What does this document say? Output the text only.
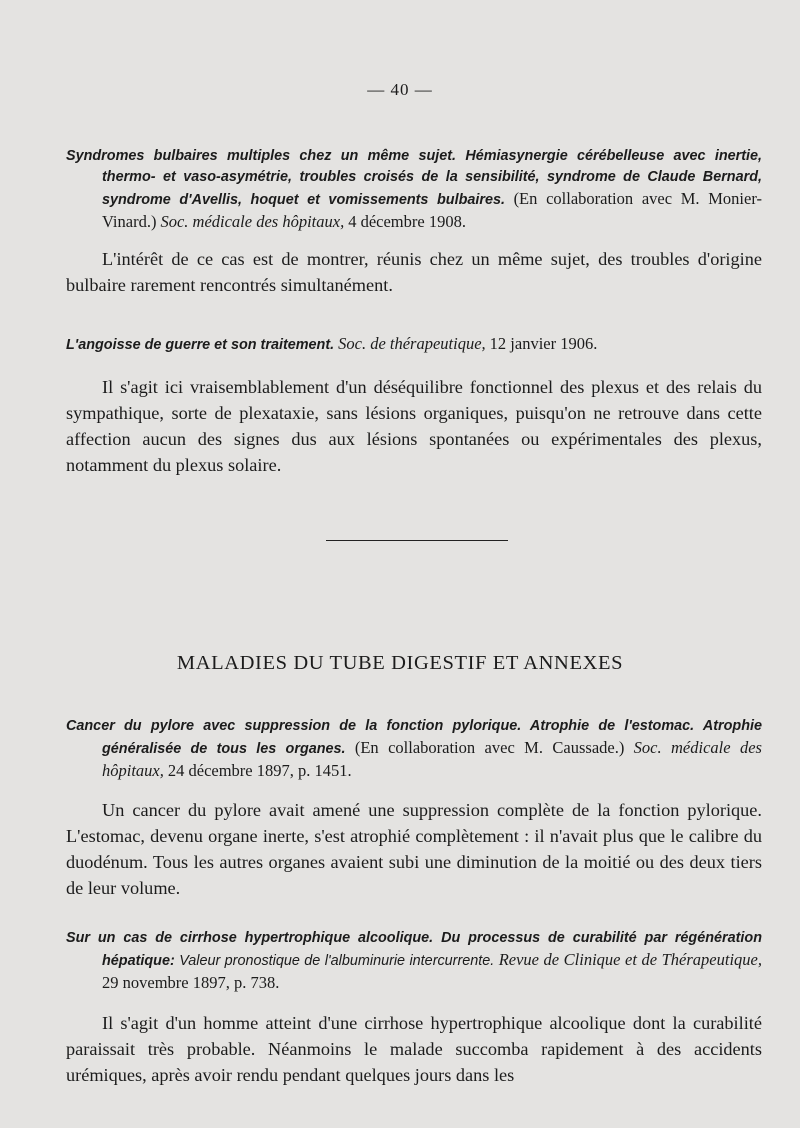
— 40 —

Syndromes bulbaires multiples chez un même sujet. Hémiasynergie cérébelleuse avec inertie, thermo- et vaso-asymétrie, troubles croisés de la sensibilité, syndrome de Claude Bernard, syndrome d'Avellis, hoquet et vomissements bulbaires. (En collaboration avec M. Monier-Vinard.) Soc. médicale des hôpitaux, 4 décembre 1908.

L'intérêt de ce cas est de montrer, réunis chez un même sujet, des troubles d'origine bulbaire rarement rencontrés simultanément.

L'angoisse de guerre et son traitement. Soc. de thérapeutique, 12 janvier 1906.

Il s'agit ici vraisemblablement d'un déséquilibre fonctionnel des plexus et des relais du sympathique, sorte de plexataxie, sans lésions organiques, puisqu'on ne retrouve dans cette affection aucun des signes dus aux lésions spontanées ou expérimentales des plexus, notamment du plexus solaire.

MALADIES DU TUBE DIGESTIF ET ANNEXES

Cancer du pylore avec suppression de la fonction pylorique. Atrophie de l'estomac. Atrophie généralisée de tous les organes. (En collaboration avec M. Caussade.) Soc. médicale des hôpitaux, 24 décembre 1897, p. 1451.

Un cancer du pylore avait amené une suppression complète de la fonction pylorique. L'estomac, devenu organe inerte, s'est atrophié complètement : il n'avait plus que le calibre du duodénum. Tous les autres organes avaient subi une diminution de la moitié ou des deux tiers de leur volume.

Sur un cas de cirrhose hypertrophique alcoolique. Du processus de curabilité par régénération hépatique: Valeur pronostique de l'albuminurie intercurrente. Revue de Clinique et de Thérapeutique, 29 novembre 1897, p. 738.

Il s'agit d'un homme atteint d'une cirrhose hypertrophique alcoolique dont la curabilité paraissait très probable. Néanmoins le malade succomba rapidement à des accidents urémiques, après avoir rendu pendant quelques jours dans les
